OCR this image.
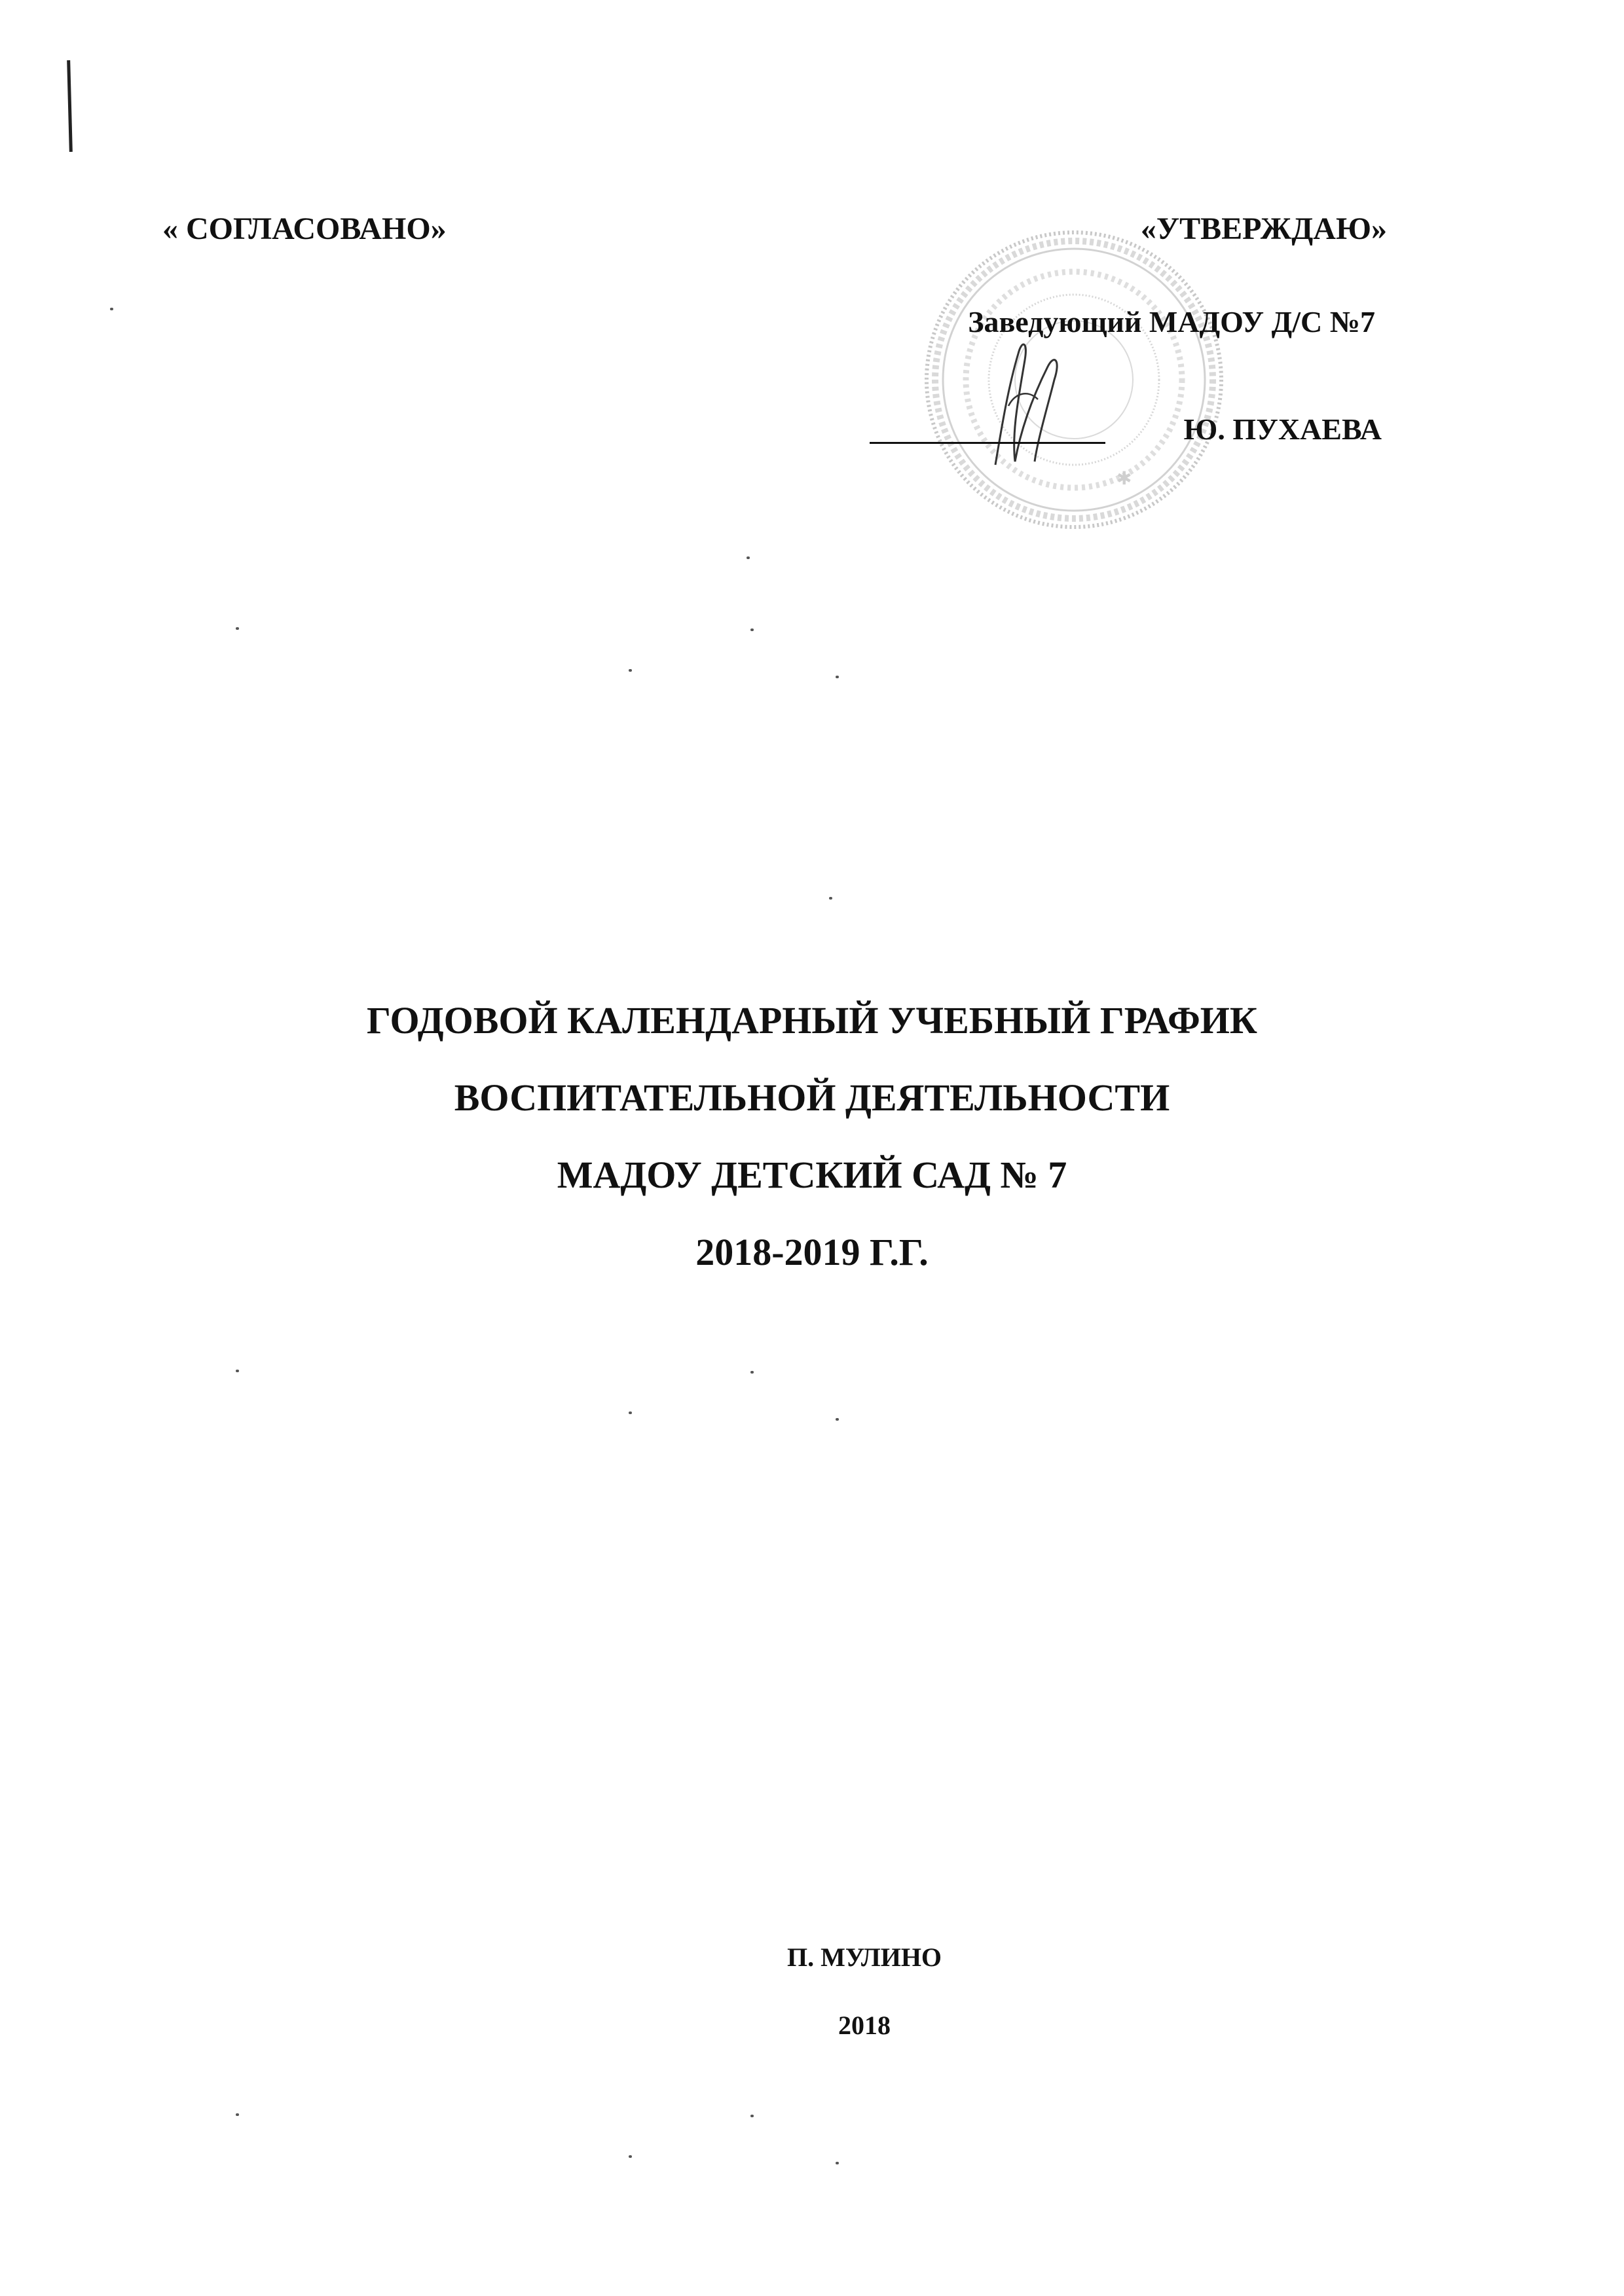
« СОГЛАСОВАНО»
✱
«УТВЕРЖДАЮ»
Заведующий МАДОУ Д/С №7
Ю. ПУХАЕВА
ГОДОВОЙ КАЛЕНДАРНЫЙ УЧЕБНЫЙ ГРАФИК
ВОСПИТАТЕЛЬНОЙ ДЕЯТЕЛЬНОСТИ
МАДОУ ДЕТСКИЙ САД № 7
2018-2019 Г.Г.
П. МУЛИНО
2018
